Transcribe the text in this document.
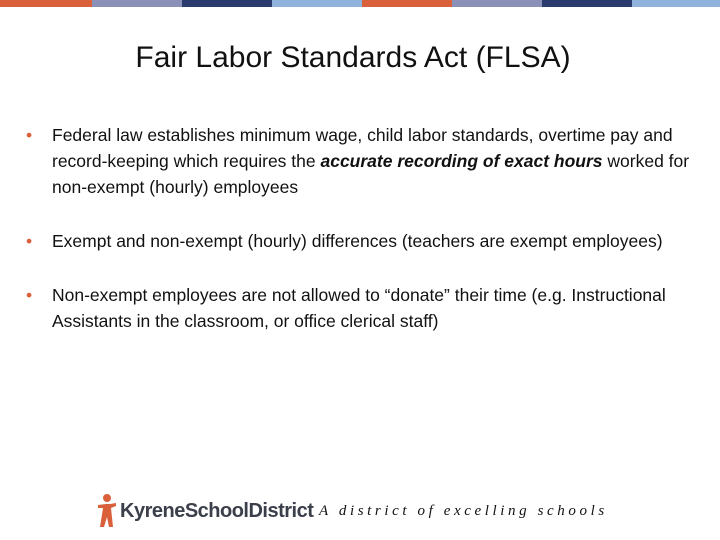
Fair Labor Standards Act (FLSA)
• Federal law establishes minimum wage, child labor standards, overtime pay and record-keeping which requires the accurate recording of exact hours worked for non-exempt (hourly) employees
• Exempt and non-exempt (hourly) differences (teachers are exempt employees)
• Non-exempt employees are not allowed to “donate” their time (e.g. Instructional Assistants in the classroom, or office clerical staff)
KyreneSchoolDistrict A district of excelling schools
